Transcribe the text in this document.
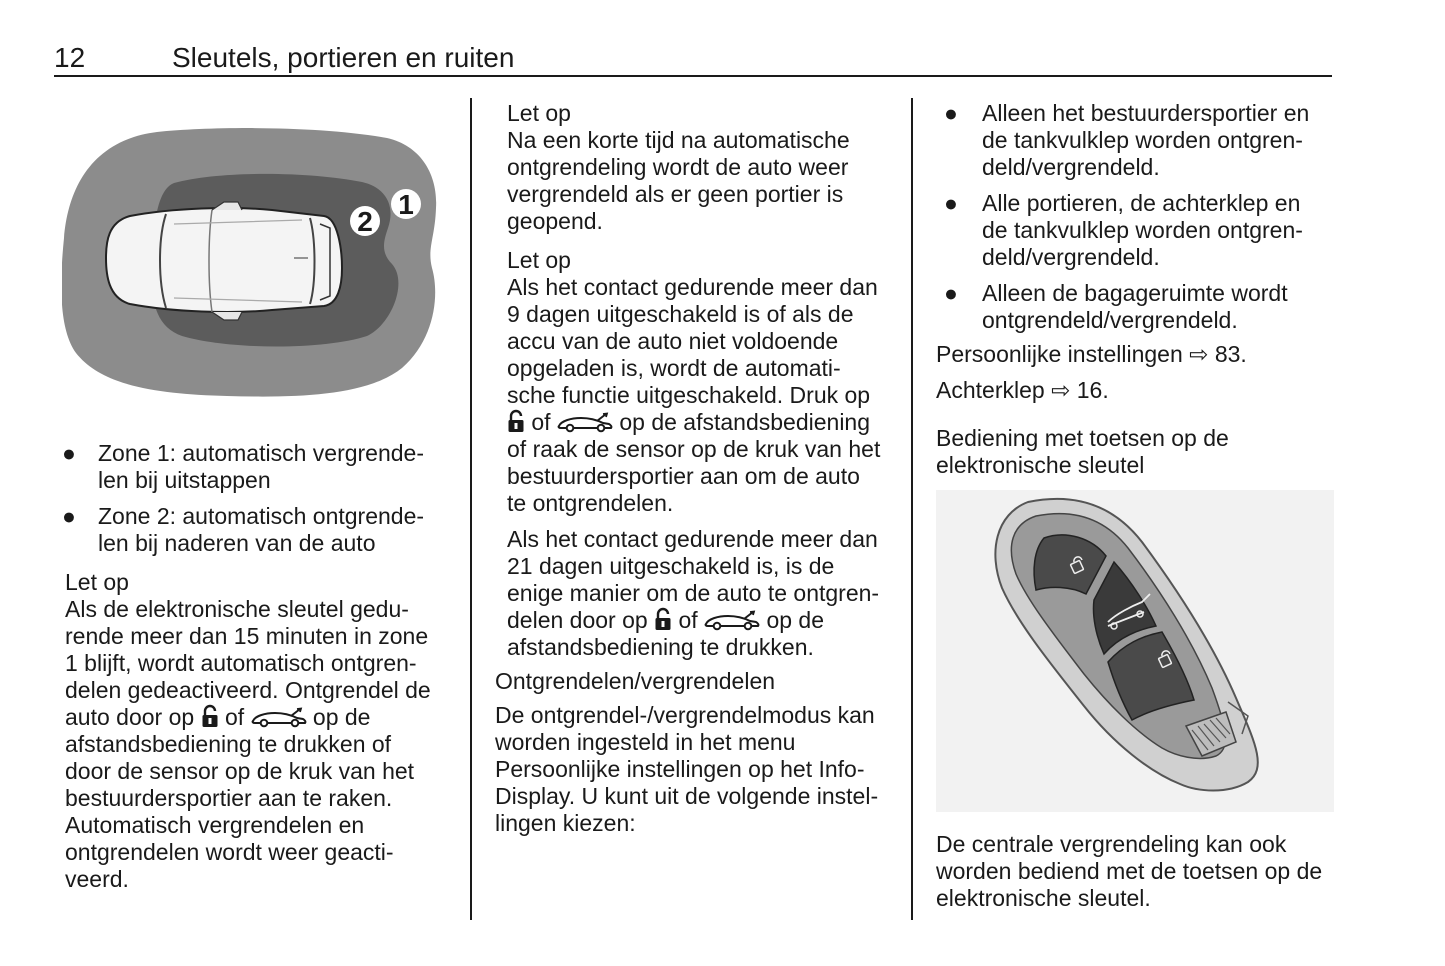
12	Sleutels, portieren en ruiten
2
1
● Zone 1: automatisch vergrende-

len bij uitstappen

● Zone 2: automatisch ontgrende-

len bij naderen van de auto

Let op

Als de elektronische sleutel gedu-

rende meer dan 15 minuten in zone

1 blijft, wordt automatisch ontgren-

delen gedeactiveerd. Ontgrendel de

auto door op of	op de

afstandsbediening te drukken of

door de sensor op de kruk van het

bestuurdersportier aan te raken.

Automatisch vergrendelen en

ontgrendelen wordt weer geacti-

veerd.

Let op

Na een korte tijd na automatische

ontgrendeling wordt de auto weer

vergrendeld als er geen portier is

geopend.

Let op

Als het contact gedurende meer dan

9 dagen uitgeschakeld is of als de

accu van de auto niet voldoende

opgeladen is, wordt de automati-

sche functie uitgeschakeld. Druk op

of	op de afstandsbediening

of raak de sensor op de kruk van het

bestuurdersportier aan om de auto

te ontgrendelen.

Als het contact gedurende meer dan

21 dagen uitgeschakeld is, is de

enige manier om de auto te ontgren-

delen door op of	op de

afstandsbediening te drukken.

Ontgrendelen/vergrendelen

De ontgrendel-/vergrendelmodus kan

worden ingesteld in het menu

Persoonlijke instellingen op het Info-

Display. U kunt uit de volgende instel-

lingen kiezen:

● Alleen het bestuurdersportier en

de tankvulklep worden ontgren-

deld/vergrendeld.

● Alle portieren, de achterklep en

de tankvulklep worden ontgren-

deld/vergrendeld.

● Alleen de bagageruimte wordt

ontgrendeld/vergrendeld.

Persoonlijke instellingen ⇨ 83.

Achterklep ⇨ 16.

Bediening met toetsen op de

elektronische sleutel

De centrale vergrendeling kan ook

worden bediend met de toetsen op de

elektronische sleutel.
